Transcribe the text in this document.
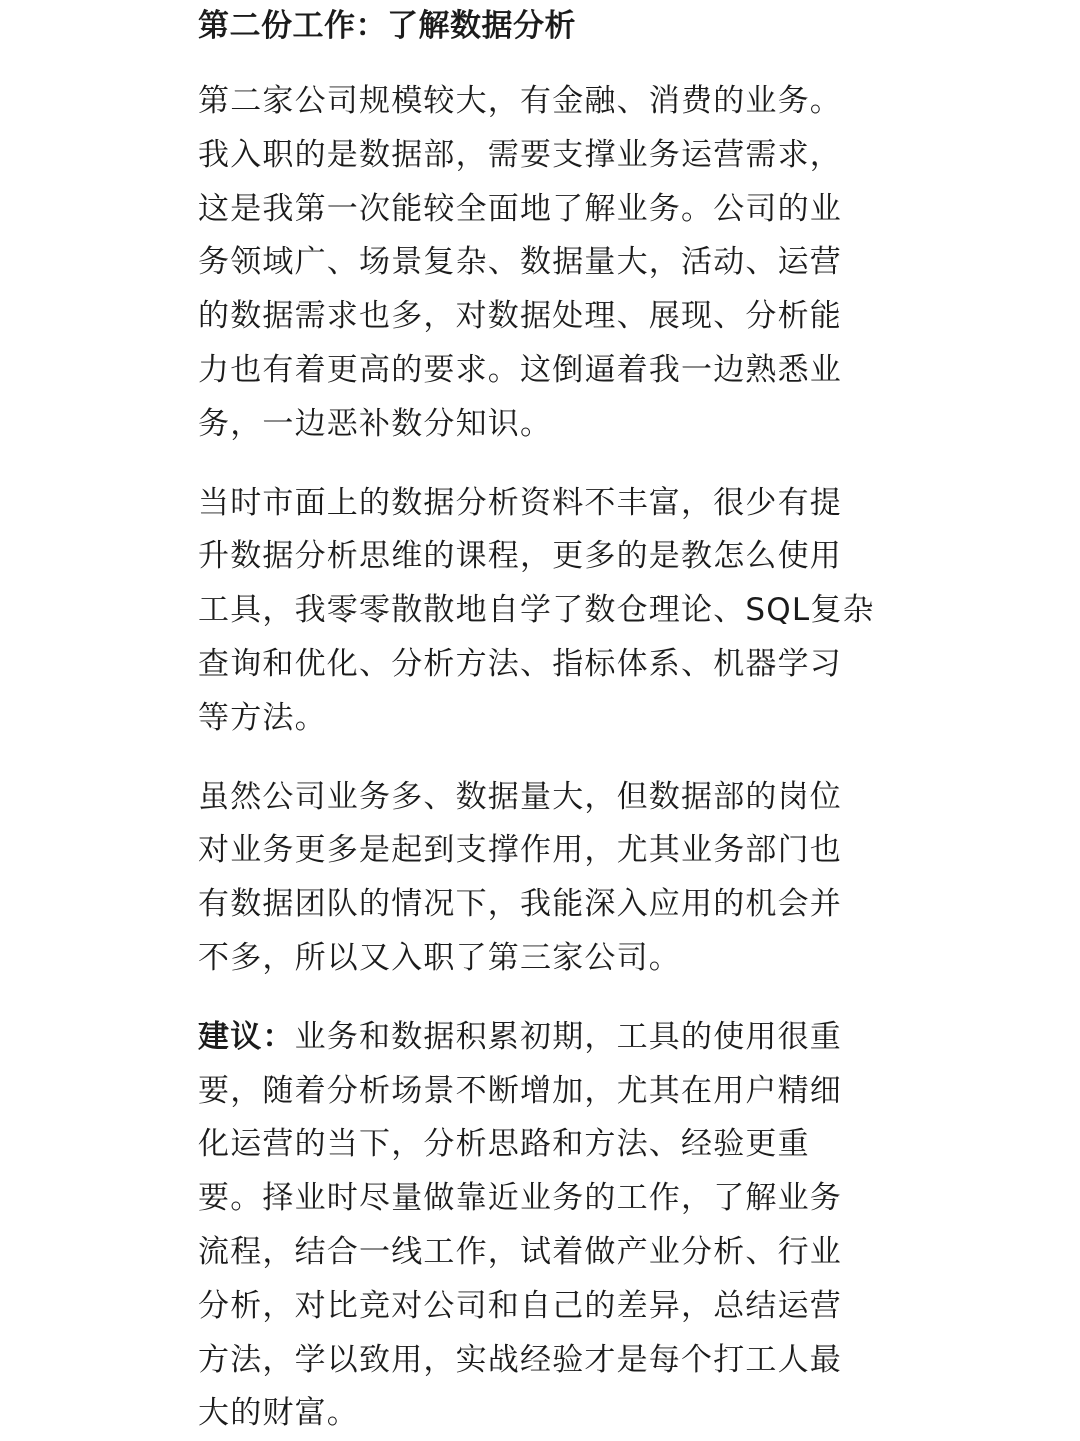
第二份工作：了解数据分析
第二家公司规模较大，有金融、消费的业务。
我入职的是数据部，需要支撑业务运营需求，
这是我第一次能较全面地了解业务。公司的业
务领域广、场景复杂、数据量大，活动、运营
的数据需求也多，对数据处理、展现、分析能
力也有着更高的要求。这倒逼着我一边熟悉业
务，一边恶补数分知识。
当时市面上的数据分析资料不丰富，很少有提
升数据分析思维的课程，更多的是教怎么使用
工具，我零零散散地自学了数仓理论、SQL复杂
查询和优化、分析方法、指标体系、机器学习
等方法。
虽然公司业务多、数据量大，但数据部的岗位
对业务更多是起到支撑作用，尤其业务部门也
有数据团队的情况下，我能深入应用的机会并
不多，所以又入职了第三家公司。
建议：业务和数据积累初期，工具的使用很重
要，随着分析场景不断增加，尤其在用户精细
化运营的当下，分析思路和方法、经验更重
要。择业时尽量做靠近业务的工作，了解业务
流程，结合一线工作，试着做产业分析、行业
分析，对比竞对公司和自己的差异，总结运营
方法，学以致用，实战经验才是每个打工人最
大的财富。
